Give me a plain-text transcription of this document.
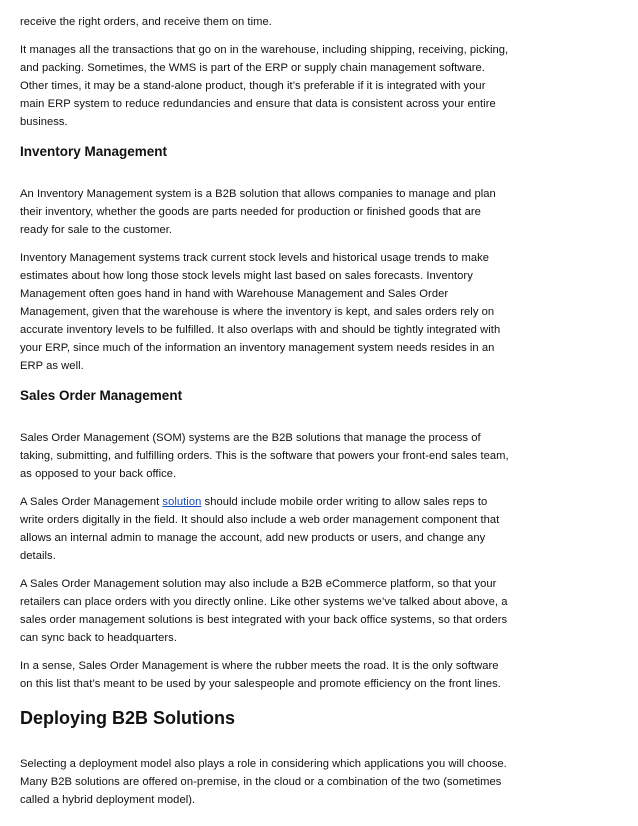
receive the right orders, and receive them on time.

It manages all the transactions that go on in the warehouse, including shipping, receiving, picking, and packing. Sometimes, the WMS is part of the ERP or supply chain management software. Other times, it may be a stand-alone product, though it’s preferable if it is integrated with your main ERP system to reduce redundancies and ensure that data is consistent across your entire business.

Inventory Management

An Inventory Management system is a B2B solution that allows companies to manage and plan their inventory, whether the goods are parts needed for production or finished goods that are ready for sale to the customer.

Inventory Management systems track current stock levels and historical usage trends to make estimates about how long those stock levels might last based on sales forecasts. Inventory Management often goes hand in hand with Warehouse Management and Sales Order Management, given that the warehouse is where the inventory is kept, and sales orders rely on accurate inventory levels to be fulfilled. It also overlaps with and should be tightly integrated with your ERP, since much of the information an inventory management system needs resides in an ERP as well.

Sales Order Management

Sales Order Management (SOM) systems are the B2B solutions that manage the process of taking, submitting, and fulfilling orders. This is the software that powers your front-end sales team, as opposed to your back office.

A Sales Order Management solution should include mobile order writing to allow sales reps to write orders digitally in the field. It should also include a web order management component that allows an internal admin to manage the account, add new products or users, and change any details.

A Sales Order Management solution may also include a B2B eCommerce platform, so that your retailers can place orders with you directly online. Like other systems we’ve talked about above, a sales order management solutions is best integrated with your back office systems, so that orders can sync back to headquarters.

In a sense, Sales Order Management is where the rubber meets the road. It is the only software on this list that’s meant to be used by your salespeople and promote efficiency on the front lines.

Deploying B2B Solutions

Selecting a deployment model also plays a role in considering which applications you will choose. Many B2B solutions are offered on-premise, in the cloud or a combination of the two (sometimes called a hybrid deployment model).
